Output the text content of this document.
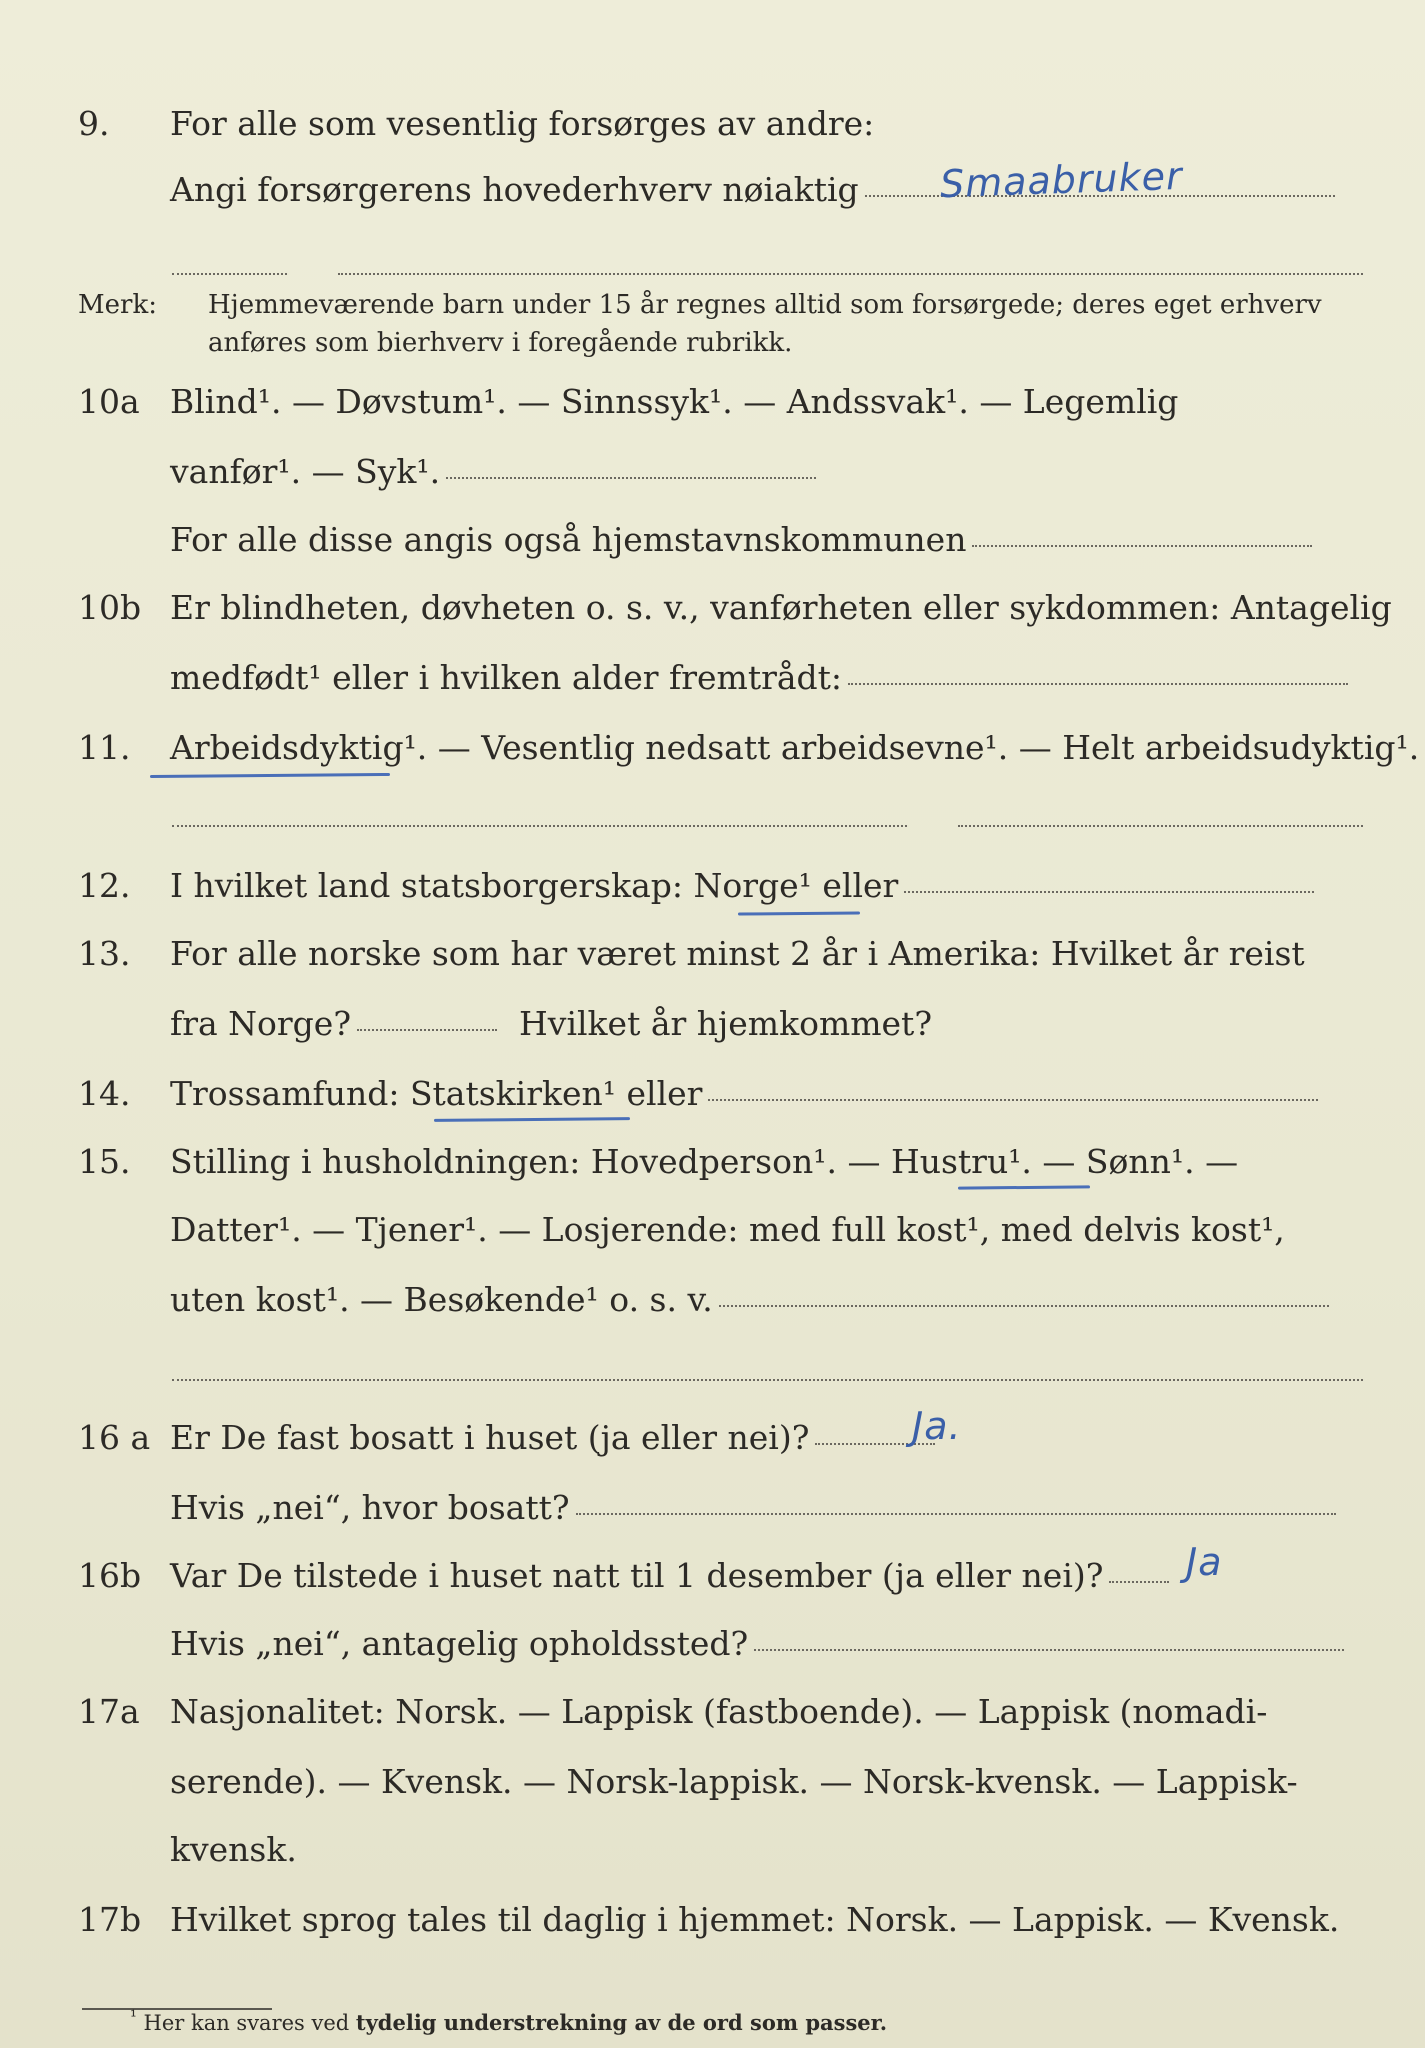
9. For alle som vesentlig forsørges av andre:
Angi forsørgerens hovederhverv nøiaktig Smaabruker
Merk: Hjemmeværende barn under 15 år regnes alltid som forsørgede; deres eget erhverv
anføres som bierhverv i foregående rubrikk.
10a Blind¹. — Døvstum¹. — Sinnssyk¹. — Andssvak¹. — Legemlig
vanfør¹. — Syk¹.
For alle disse angis også hjemstavnskommunen
10b Er blindheten, døvheten o. s. v., vanførheten eller sykdommen: Antagelig
medfødt¹ eller i hvilken alder fremtrådt:
11. Arbeidsdyktig¹. — Vesentlig nedsatt arbeidsevne¹. — Helt arbeidsudyktig¹.
12. I hvilket land statsborgerskap: Norge¹ eller
13. For alle norske som har været minst 2 år i Amerika: Hvilket år reist
fra Norge?	Hvilket år hjemkommet?
14. Trossamfund: Statskirken¹ eller
15. Stilling i husholdningen: Hovedperson¹. — Hustru¹. — Sønn¹. —
Datter¹. — Tjener¹. — Losjerende: med full kost¹, med delvis kost¹,
uten kost¹. — Besøkende¹ o. s. v.
16 a Er De fast bosatt i huset (ja eller nei)?	Ja.
Hvis „nei“, hvor bosatt?
16b Var De tilstede i huset natt til 1 desember (ja eller nei)? Ja
Hvis „nei“, antagelig opholdssted?
17a Nasjonalitet: Norsk. — Lappisk (fastboende). — Lappisk (nomadi-
serende). — Kvensk. — Norsk-lappisk. — Norsk-kvensk. — Lappisk-
kvensk.
17b Hvilket sprog tales til daglig i hjemmet: Norsk. — Lappisk. — Kvensk.
$^{^1}$ Her kan svares ved tydelig understrekning av de ord som passer.
